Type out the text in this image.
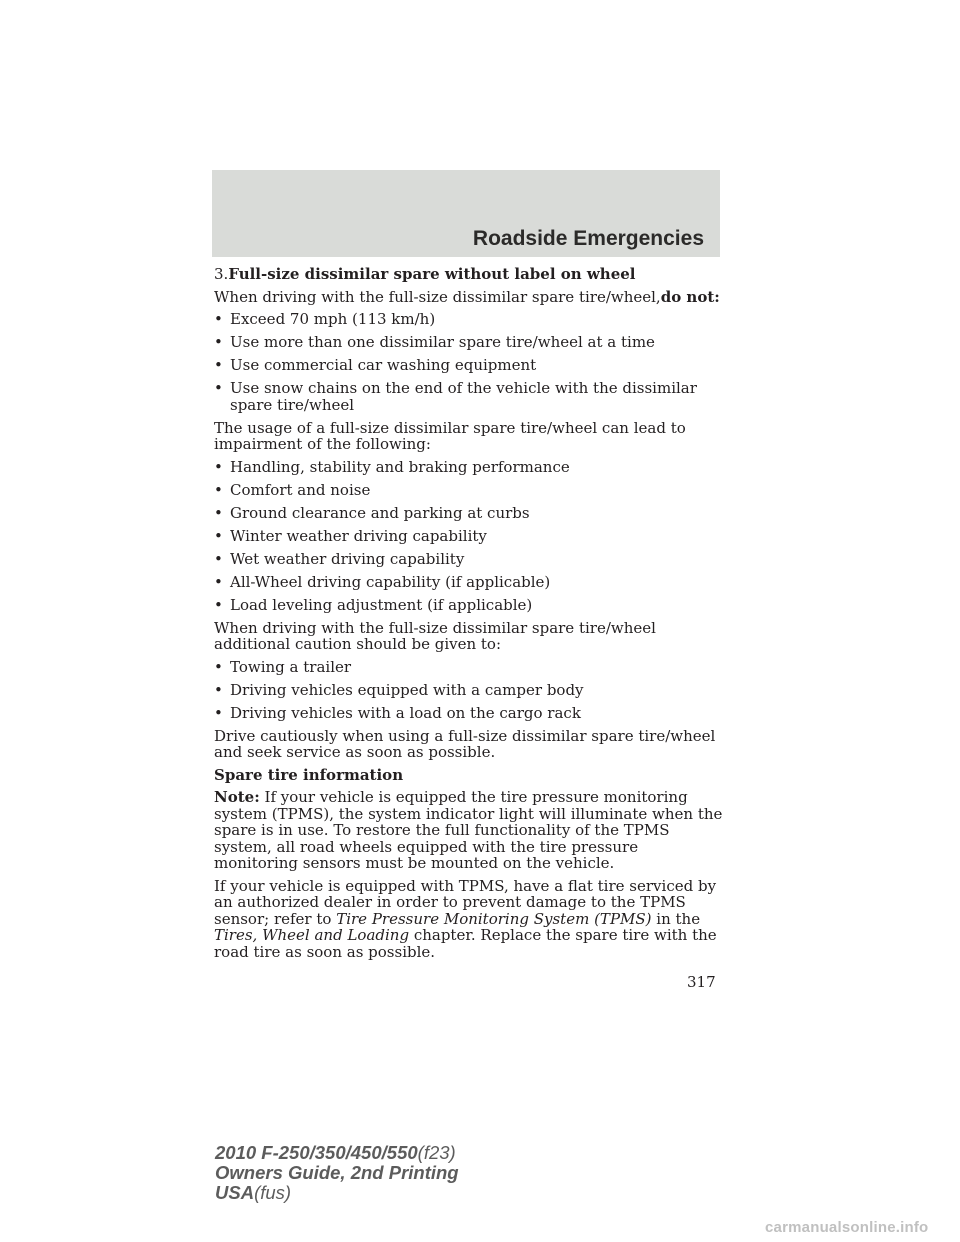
Roadside Emergencies

3.Full-size dissimilar spare without label on wheel

When driving with the full-size dissimilar spare tire/wheel,do not:

• Exceed 70 mph (113 km/h)
• Use more than one dissimilar spare tire/wheel at a time
• Use commercial car washing equipment
• Use snow chains on the end of the vehicle with the dissimilar spare tire/wheel

The usage of a full-size dissimilar spare tire/wheel can lead to impairment of the following:

• Handling, stability and braking performance
• Comfort and noise
• Ground clearance and parking at curbs
• Winter weather driving capability
• Wet weather driving capability
• All-Wheel driving capability (if applicable)
• Load leveling adjustment (if applicable)

When driving with the full-size dissimilar spare tire/wheel additional caution should be given to:

• Towing a trailer
• Driving vehicles equipped with a camper body
• Driving vehicles with a load on the cargo rack

Drive cautiously when using a full-size dissimilar spare tire/wheel and seek service as soon as possible.

Spare tire information

Note: If your vehicle is equipped the tire pressure monitoring system (TPMS), the system indicator light will illuminate when the spare is in use. To restore the full functionality of the TPMS system, all road wheels equipped with the tire pressure monitoring sensors must be mounted on the vehicle.

If your vehicle is equipped with TPMS, have a flat tire serviced by an authorized dealer in order to prevent damage to the TPMS sensor; refer to Tire Pressure Monitoring System (TPMS) in the Tires, Wheel and Loading chapter. Replace the spare tire with the road tire as soon as possible.

317
2010 F-250/350/450/550(f23)
Owners Guide, 2nd Printing
USA(fus)
carmanualsonline.info
